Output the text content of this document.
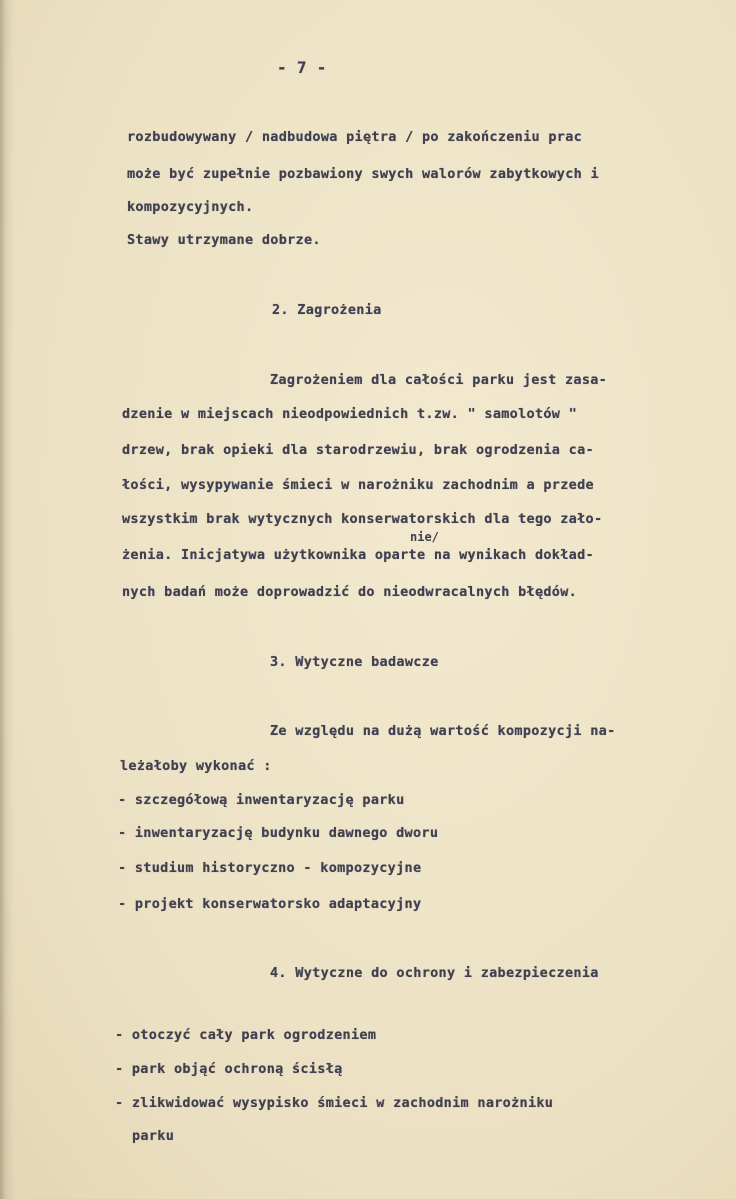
- 7 -
rozbudowywany / nadbudowa piętra / po zakończeniu prac
może być zupełnie pozbawiony swych walorów zabytkowych i
kompozycyjnych.
Stawy utrzymane dobrze.
2. Zagrożenia
Zagrożeniem dla całości parku jest zasa-
dzenie w miejscach nieodpowiednich t.zw. " samolotów "
drzew, brak opieki dla starodrzewiu, brak ogrodzenia ca-
łości, wysypywanie śmieci w narożniku zachodnim a przede
wszystkim brak wytycznych konserwatorskich dla tego zało-
nie/
żenia. Inicjatywa użytkownika oparte na wynikach dokład-
nych badań może doprowadzić do nieodwracalnych błędów.
3. Wytyczne badawcze
Ze względu na dużą wartość kompozycji na-
leżałoby wykonać :
- szczegółową inwentaryzację parku
- inwentaryzację budynku dawnego dworu
- studium historyczno - kompozycyjne
- projekt konserwatorsko adaptacyjny
4. Wytyczne do ochrony i zabezpieczenia
- otoczyć cały park ogrodzeniem
- park objąć ochroną ścisłą
- zlikwidować wysypisko śmieci w zachodnim narożniku
parku
